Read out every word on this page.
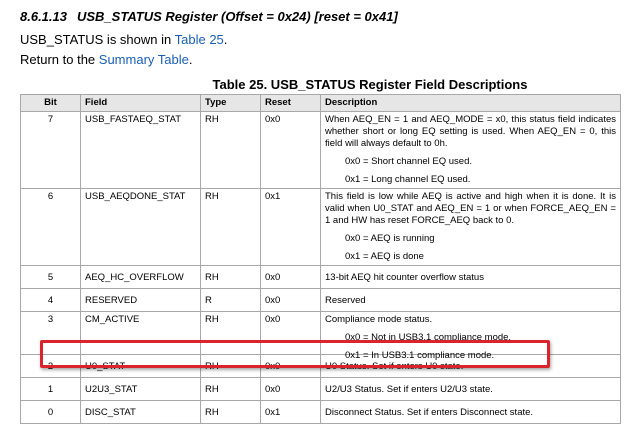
8.6.1.13 USB_STATUS Register (Offset = 0x24) [reset = 0x41]
USB_STATUS is shown in Table 25.
Return to the Summary Table.
Table 25. USB_STATUS Register Field Descriptions
Bit	Field	Type	Reset	Description
7	USB_FASTAEQ_STAT	RH	0x0	When AEQ_EN = 1 and AEQ_MODE = x0, this status field indicates whether short or long EQ setting is used. When AEQ_EN = 0, this field will always default to 0h.

0x0 = Short channel EQ used.

0x1 = Long channel EQ used.

6	USB_AEQDONE_STAT	RH	0x1	This field is low while AEQ is active and high when it is done. It is valid when U0_STAT and AEQ_EN = 1 or when FORCE_AEQ_EN = 1 and HW has reset FORCE_AEQ back to 0.

0x0 = AEQ is running

0x1 = AEQ is done

5	AEQ_HC_OVERFLOW	RH	0x0	13-bit AEQ hit counter overflow status
4	RESERVED	R	0x0	Reserved
3	CM_ACTIVE	RH	0x0	Compliance mode status.

0x0 = Not in USB3.1 compliance mode.

0x1 = In USB3.1 compliance mode.

2	U0_STAT	RH	0x0	U0 Status. Set if enters U0 state.
1	U2U3_STAT	RH	0x0	U2/U3 Status. Set if enters U2/U3 state.
0	DISC_STAT	RH	0x1	Disconnect Status. Set if enters Disconnect state.
